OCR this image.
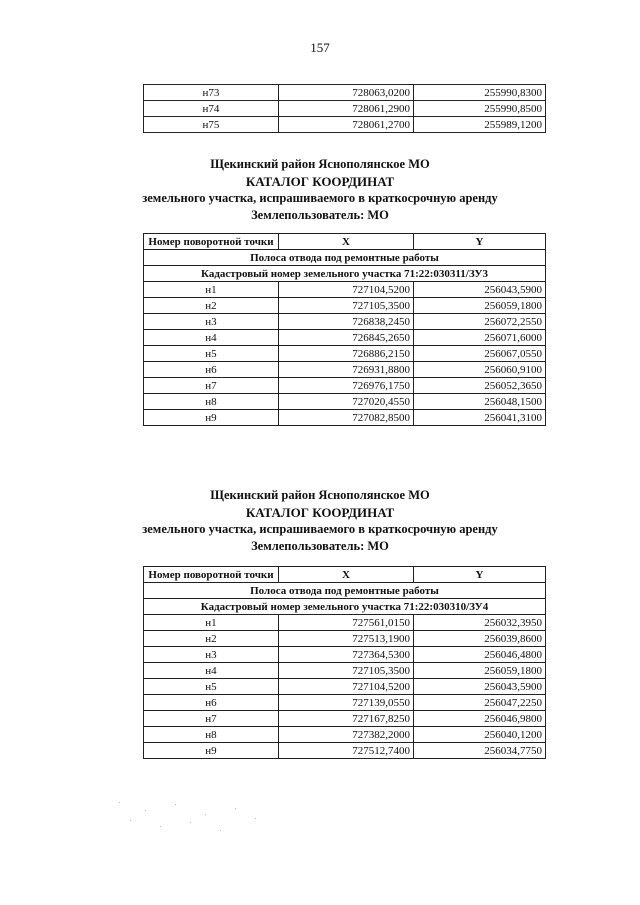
157
н73	728063,0200	255990,8300
н74	728061,2900	255990,8500
н75	728061,2700	255989,1200
Щекинский район Яснополянское МО
КАТАЛОГ КООРДИНАТ
земельного участка, испрашиваемого в краткосрочную аренду
Землепользователь: МО
Номер поворотной точки	X	Y
Полоса отвода под ремонтные работы		
Кадастровый номер земельного участка 71:22:030311/ЗУ3		
н1	727104,5200	256043,5900
н2	727105,3500	256059,1800
н3	726838,2450	256072,2550
н4	726845,2650	256071,6000
н5	726886,2150	256067,0550
н6	726931,8800	256060,9100
н7	726976,1750	256052,3650
н8	727020,4550	256048,1500
н9	727082,8500	256041,3100
Щекинский район Яснополянское МО
КАТАЛОГ КООРДИНАТ
земельного участка, испрашиваемого в краткосрочную аренду
Землепользователь: МО
Номер поворотной точки	X	Y
Полоса отвода под ремонтные работы		
Кадастровый номер земельного участка 71:22:030310/ЗУ4		
н1	727561,0150	256032,3950
н2	727513,1900	256039,8600
н3	727364,5300	256046,4800
н4	727105,3500	256059,1800
н5	727104,5200	256043,5900
н6	727139,0550	256047,2250
н7	727167,8250	256046,9800
н8	727382,2000	256040,1200
н9	727512,7400	256034,7750
